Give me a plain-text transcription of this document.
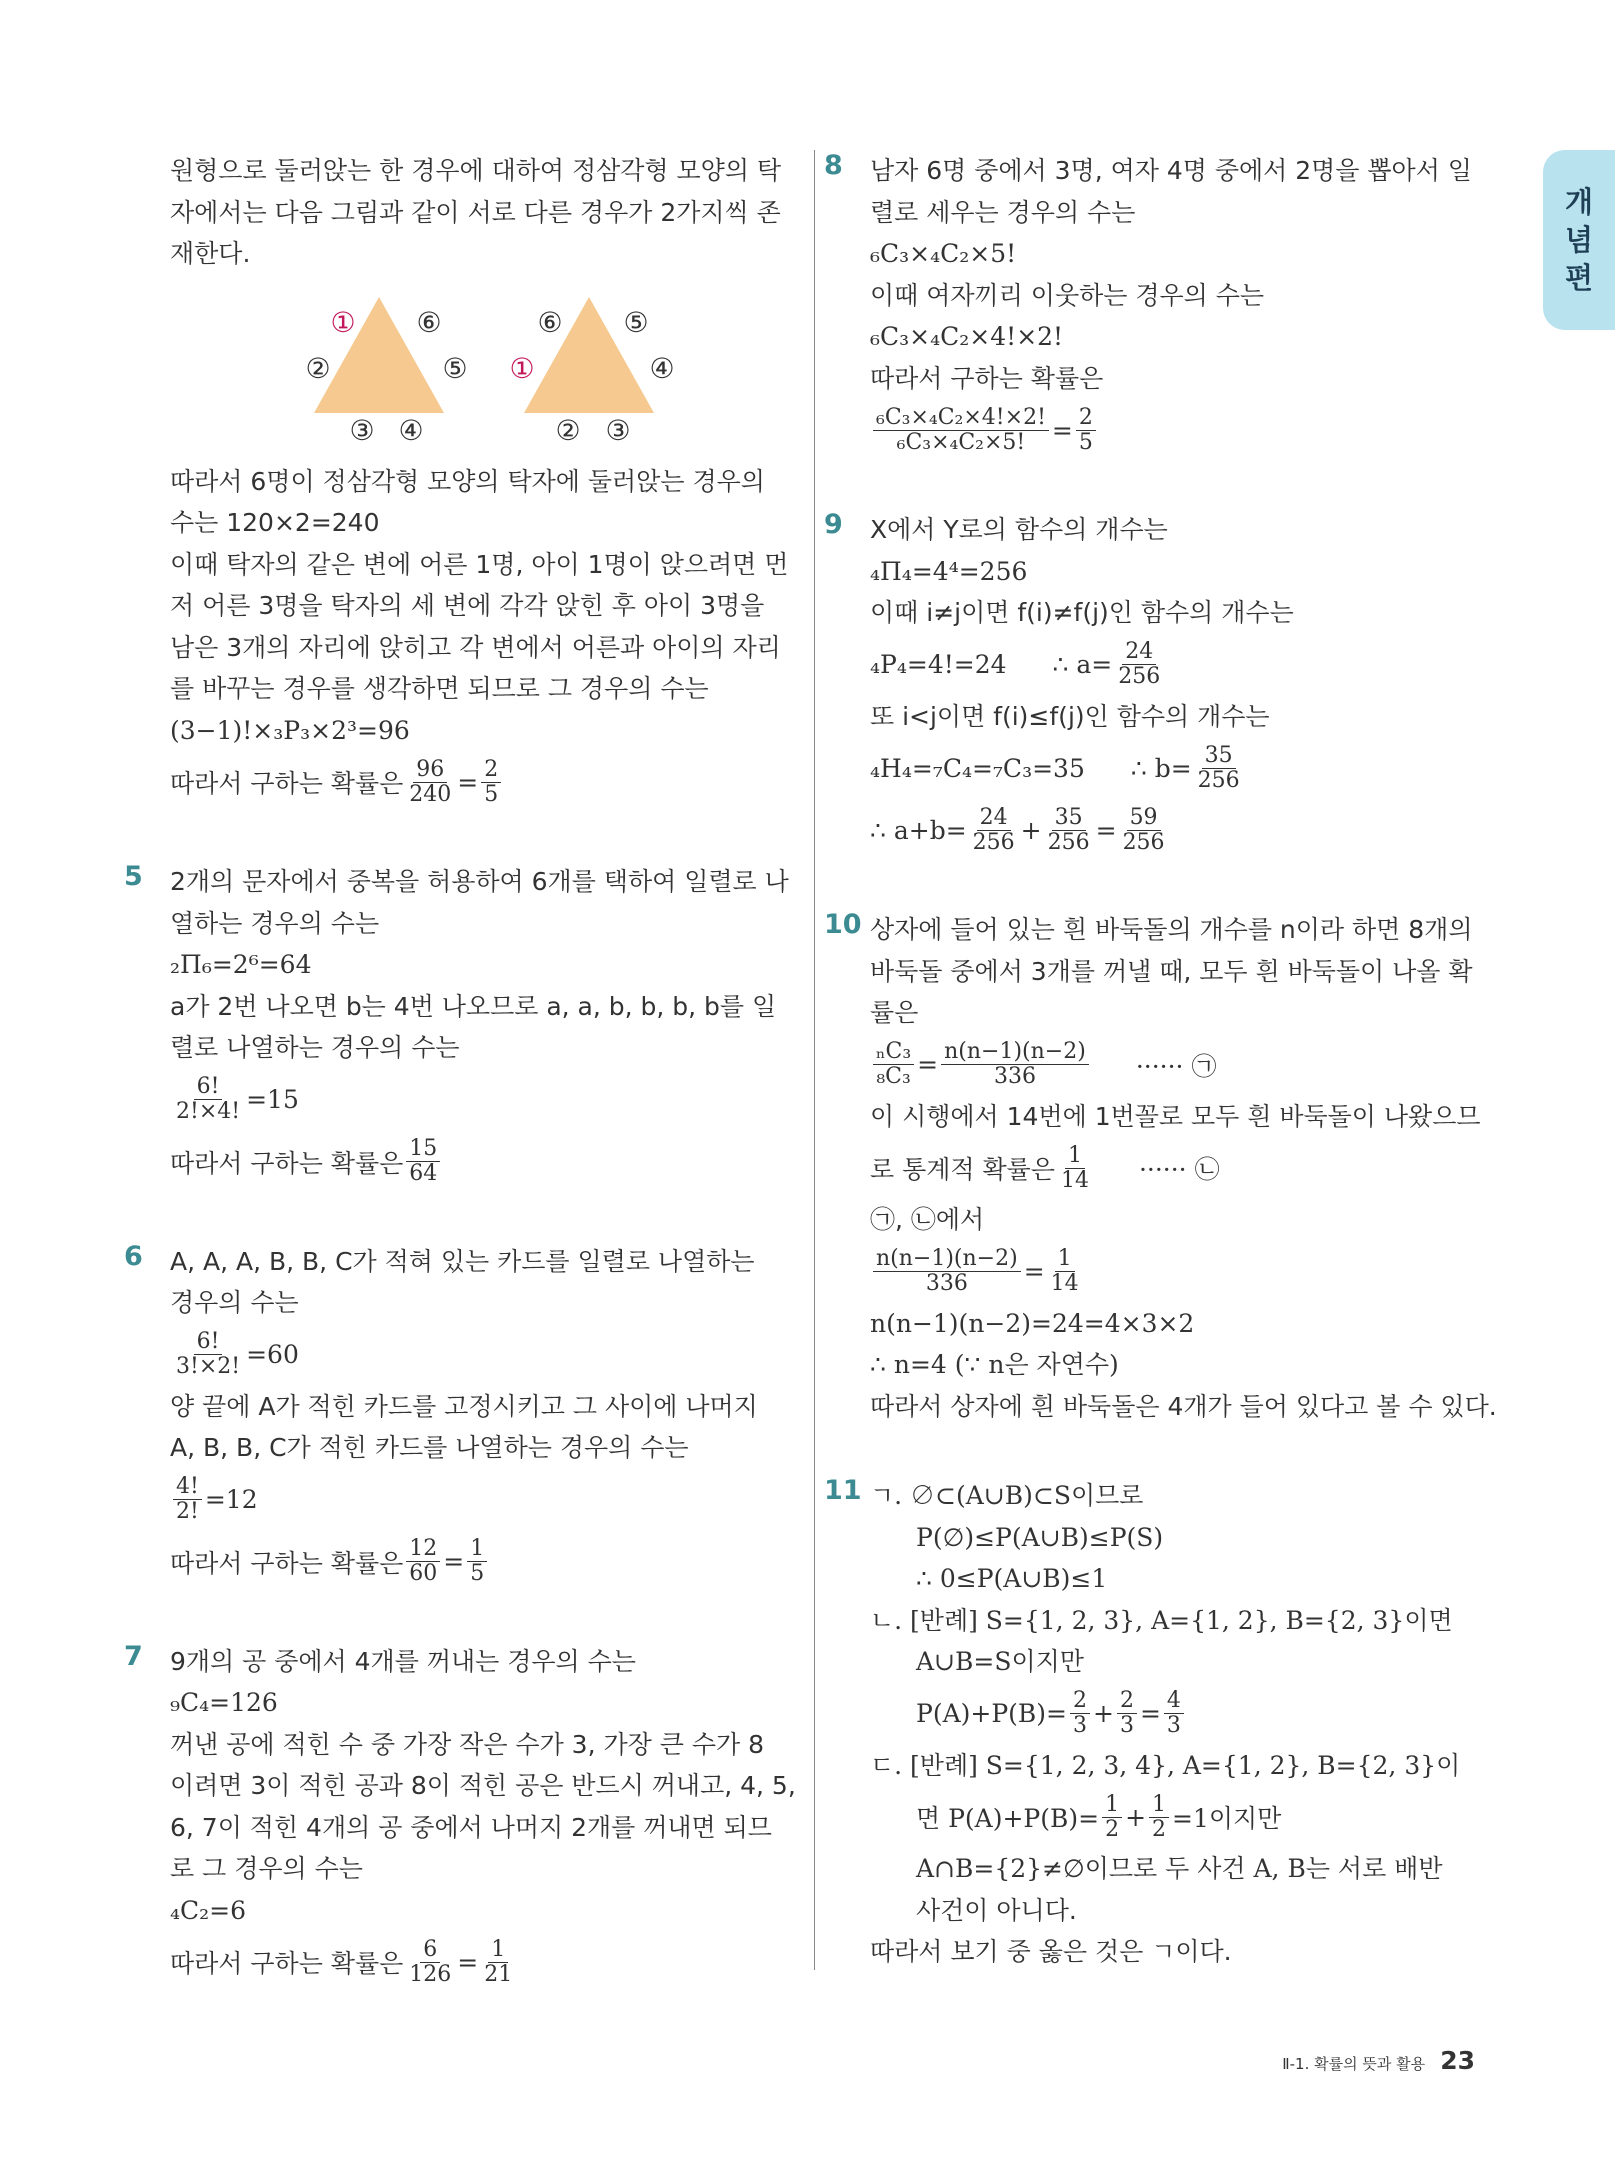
개
념
편
원형으로 둘러앉는 한 경우에 대하여 정삼각형 모양의 탁
자에서는 다음 그림과 같이 서로 다른 경우가 2가지씩 존
재한다.
① ⑥
②	⑤
③ ④
⑥ ⑤
①	④
② ③
따라서 6명이 정삼각형 모양의 탁자에 둘러앉는 경우의
수는 120×2=240
이때 탁자의 같은 변에 어른 1명, 아이 1명이 앉으려면 먼
저 어른 3명을 탁자의 세 변에 각각 앉힌 후 아이 3명을
남은 3개의 자리에 앉히고 각 변에서 어른과 아이의 자리
를 바꾸는 경우를 생각하면 되므로 그 경우의 수는
(3−1)!×₃P₃×2³=96
따라서 구하는 확률은 $\frac{96}{240} = \frac{2}{5}$
5 2개의 문자에서 중복을 허용하여 6개를 택하여 일렬로 나
열하는 경우의 수는
₂Π₆=2⁶=64
a가 2번 나오면 b는 4번 나오므로 a, a, b, b, b, b를 일
렬로 나열하는 경우의 수는
$\frac{6!}{2!\times 4!} =15$
따라서 구하는 확률은 $\frac{15}{64}$
6 A, A, A, B, B, C가 적혀 있는 카드를 일렬로 나열하는
경우의 수는
$\frac{6!}{3!\times 2!} =60$
양 끝에 A가 적힌 카드를 고정시키고 그 사이에 나머지
A, B, B, C가 적힌 카드를 나열하는 경우의 수는
$\frac{4!}{2!} =12$
따라서 구하는 확률은 $\frac{12}{60} = \frac{1}{5}$
7 9개의 공 중에서 4개를 꺼내는 경우의 수는
₉C₄=126
꺼낸 공에 적힌 수 중 가장 작은 수가 3, 가장 큰 수가 8
이려면 3이 적힌 공과 8이 적힌 공은 반드시 꺼내고, 4, 5,
6, 7이 적힌 4개의 공 중에서 나머지 2개를 꺼내면 되므
로 그 경우의 수는
₄C₂=6
따라서 구하는 확률은 $\frac{6}{126} = \frac{1}{21}$
8 남자 6명 중에서 3명, 여자 4명 중에서 2명을 뽑아서 일
렬로 세우는 경우의 수는
₆C₃×₄C₂×5!
이때 여자끼리 이웃하는 경우의 수는
₆C₃×₄C₂×4!×2!
따라서 구하는 확률은
$\frac{\text{₆C₃×₄C₂×4!×2!}}{\text{₆C₃×₄C₂×5!}} = \frac{2}{5}$
9 X에서 Y로의 함수의 개수는
₄Π₄=4⁴=256
이때 i≠j이면 f(i)≠f(j)인 함수의 개수는
₄P₄=4!=24 ∴ $a= \frac{24}{256}$
또 i<j이면 f(i)≤f(j)인 함수의 개수는
₄H₄=₇C₄=₇C₃=35 ∴ $b= \frac{35}{256}$
∴ $a+b= \frac{24}{256} + \frac{35}{256} = \frac{59}{256}$
10 상자에 들어 있는 흰 바둑돌의 개수를 n이라 하면 8개의
바둑돌 중에서 3개를 꺼낼 때, 모두 흰 바둑돌이 나올 확
률은
$\frac{\text{ₙC₃}}{\text{₈C₃}} = \frac{n(n-1)(n-2)}{336}$ ······ ㉠
이 시행에서 14번에 1번꼴로 모두 흰 바둑돌이 나왔으므
로 통계적 확률은 $\frac{1}{14}$ ······ ㉡
㉠, ㉡에서
$\frac{n(n-1)(n-2)}{336} = \frac{1}{14}$
n(n−1)(n−2)=24=4×3×2
∴ n=4 (∵ n은 자연수)
따라서 상자에 흰 바둑돌은 4개가 들어 있다고 볼 수 있다.
11 ㄱ. ∅⊂(A∪B)⊂S이므로
P(∅)≤P(A∪B)≤P(S)
∴ 0≤P(A∪B)≤1
ㄴ. [반례] S={1, 2, 3}, A={1, 2}, B={2, 3}이면
A∪B=S이지만
$P(A)+P(B)= \frac{2}{3} + \frac{2}{3} = \frac{4}{3}$
ㄷ. [반례] S={1, 2, 3, 4}, A={1, 2}, B={2, 3}이
면 $P(A)+P(B)= \frac{1}{2} + \frac{1}{2} =1$이지만
A∩B={2}≠∅이므로 두 사건 A, B는 서로 배반
사건이 아니다.
따라서 보기 중 옳은 것은 ㄱ이다.
Ⅱ-1. 확률의 뜻과 활용 23
